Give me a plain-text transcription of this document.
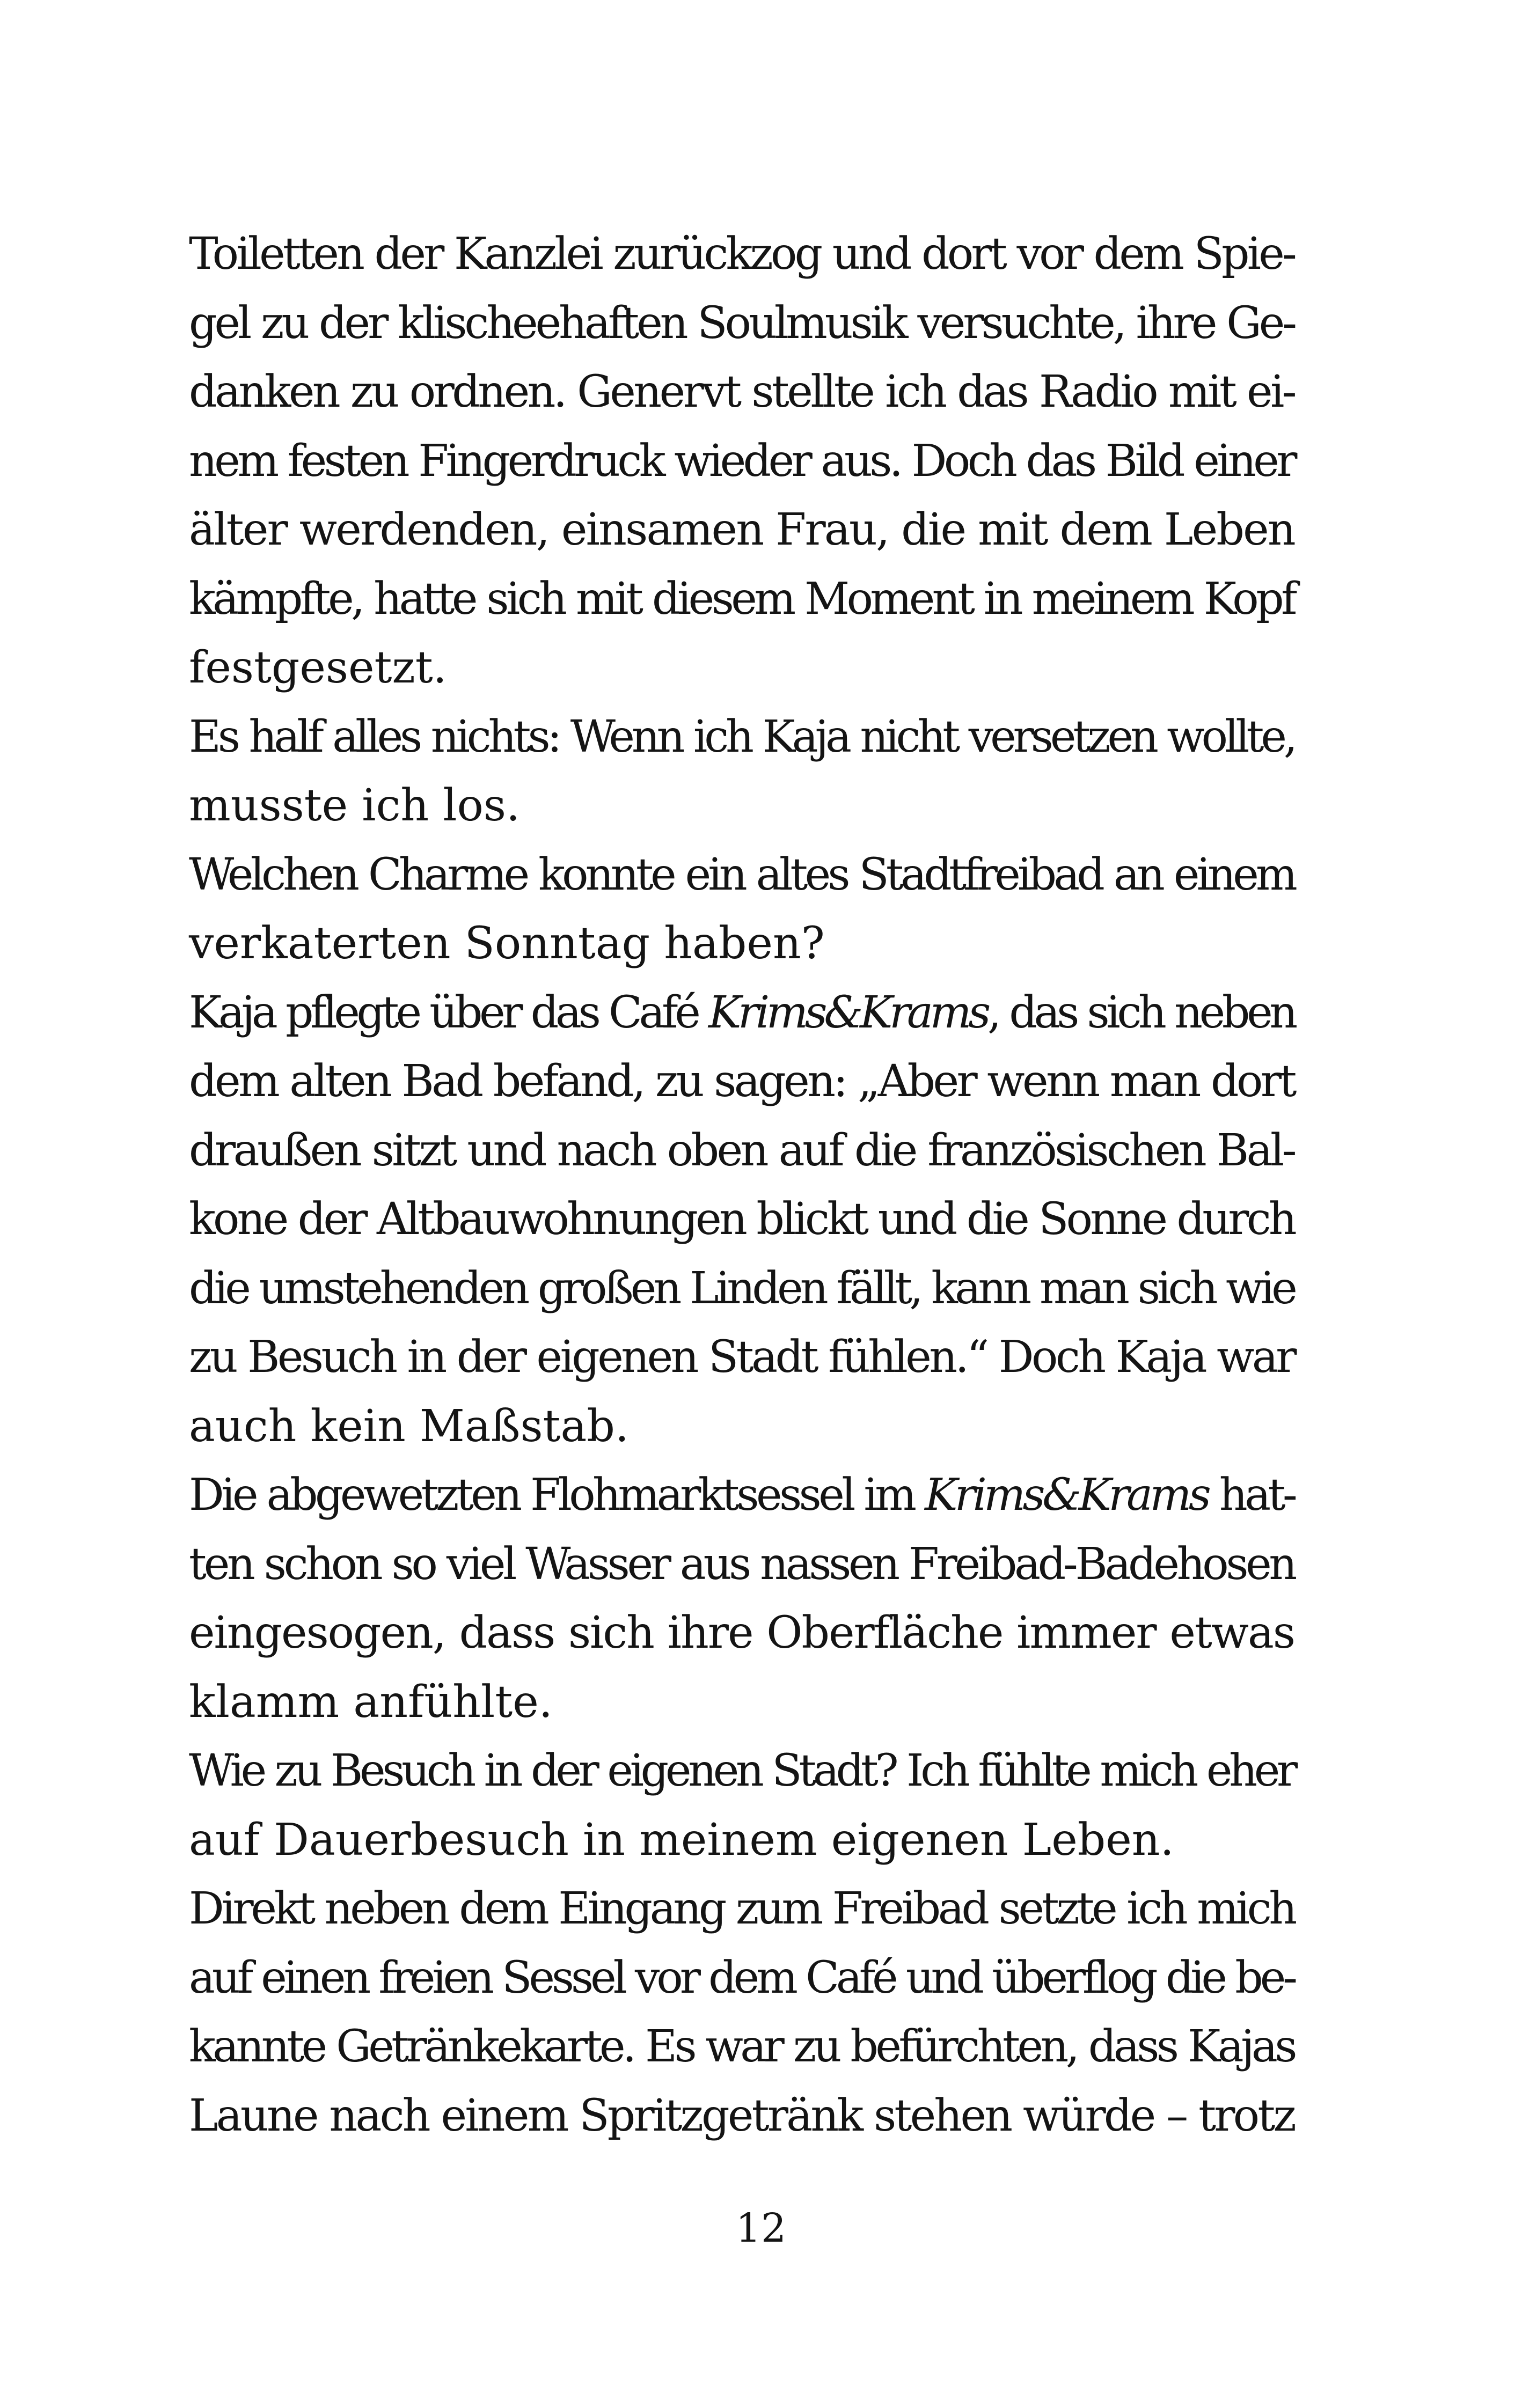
Toiletten der Kanzlei zurückzog und dort vor dem Spie-
gel zu der klischeehaften Soulmusik versuchte, ihre Ge-
danken zu ordnen. Genervt stellte ich das Radio mit ei-
nem festen Fingerdruck wieder aus. Doch das Bild einer
älter werdenden, einsamen Frau, die mit dem Leben
kämpfte, hatte sich mit diesem Moment in meinem Kopf
festgesetzt.
Es half alles nichts: Wenn ich Kaja nicht versetzen wollte,
musste ich los.
Welchen Charme konnte ein altes Stadtfreibad an einem
verkaterten Sonntag haben?
Kaja pflegte über das Café Krims&Krams, das sich neben
dem alten Bad befand, zu sagen: „Aber wenn man dort
draußen sitzt und nach oben auf die französischen Bal-
kone der Altbauwohnungen blickt und die Sonne durch
die umstehenden großen Linden fällt, kann man sich wie
zu Besuch in der eigenen Stadt fühlen.“ Doch Kaja war
auch kein Maßstab.
Die abgewetzten Flohmarktsessel im Krims&Krams hat-
ten schon so viel Wasser aus nassen Freibad-Badehosen
eingesogen, dass sich ihre Oberfläche immer etwas
klamm anfühlte.
Wie zu Besuch in der eigenen Stadt? Ich fühlte mich eher
auf Dauerbesuch in meinem eigenen Leben.
Direkt neben dem Eingang zum Freibad setzte ich mich
auf einen freien Sessel vor dem Café und überflog die be-
kannte Getränkekarte. Es war zu befürchten, dass Kajas
Laune nach einem Spritzgetränk stehen würde – trotz
12
